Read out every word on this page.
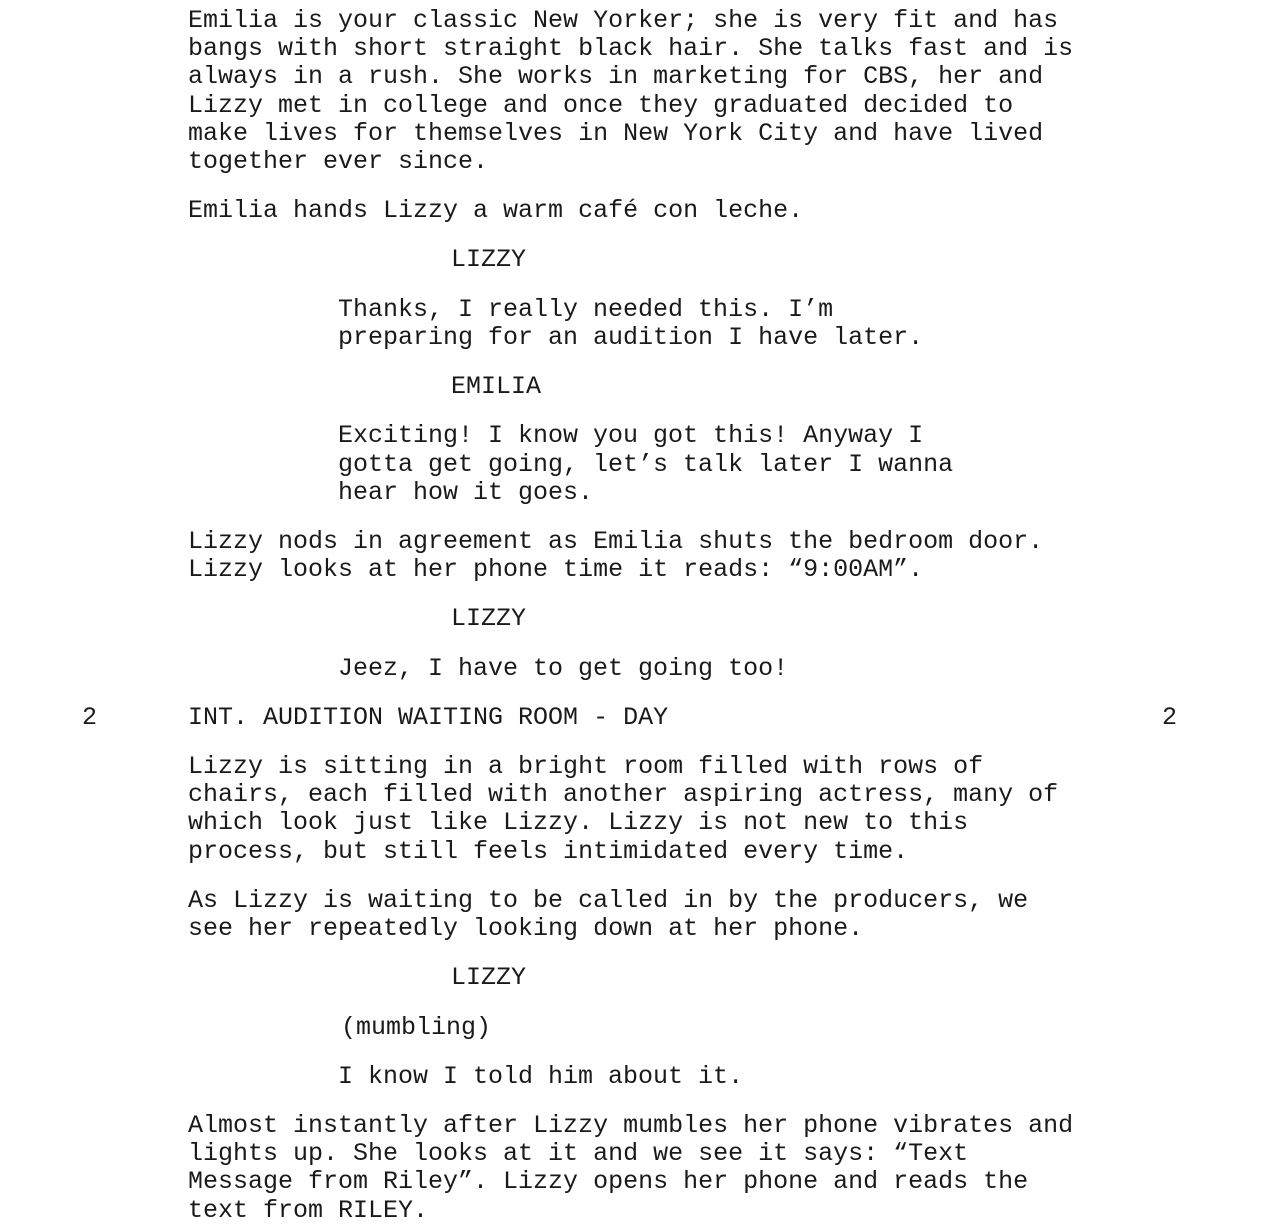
Emilia is your classic New Yorker; she is very fit and has

bangs with short straight black hair. She talks fast and is

always in a rush. She works in marketing for CBS, her and

Lizzy met in college and once they graduated decided to

make lives for themselves in New York City and have lived

together ever since.

Emilia hands Lizzy a warm café con leche.

LIZZY

Thanks, I really needed this. I’m

preparing for an audition I have later.

EMILIA

Exciting! I know you got this! Anyway I

gotta get going, let’s talk later I wanna

hear how it goes.

Lizzy nods in agreement as Emilia shuts the bedroom door.

Lizzy looks at her phone time it reads: “9:00AM”.

LIZZY

Jeez, I have to get going too!

2	INT. AUDITION WAITING ROOM - DAY	2

Lizzy is sitting in a bright room filled with rows of

chairs, each filled with another aspiring actress, many of

which look just like Lizzy. Lizzy is not new to this

process, but still feels intimidated every time.

As Lizzy is waiting to be called in by the producers, we

see her repeatedly looking down at her phone.

LIZZY

(mumbling)

I know I told him about it.

Almost instantly after Lizzy mumbles her phone vibrates and

lights up. She looks at it and we see it says: “Text

Message from Riley”. Lizzy opens her phone and reads the

text from RILEY.
